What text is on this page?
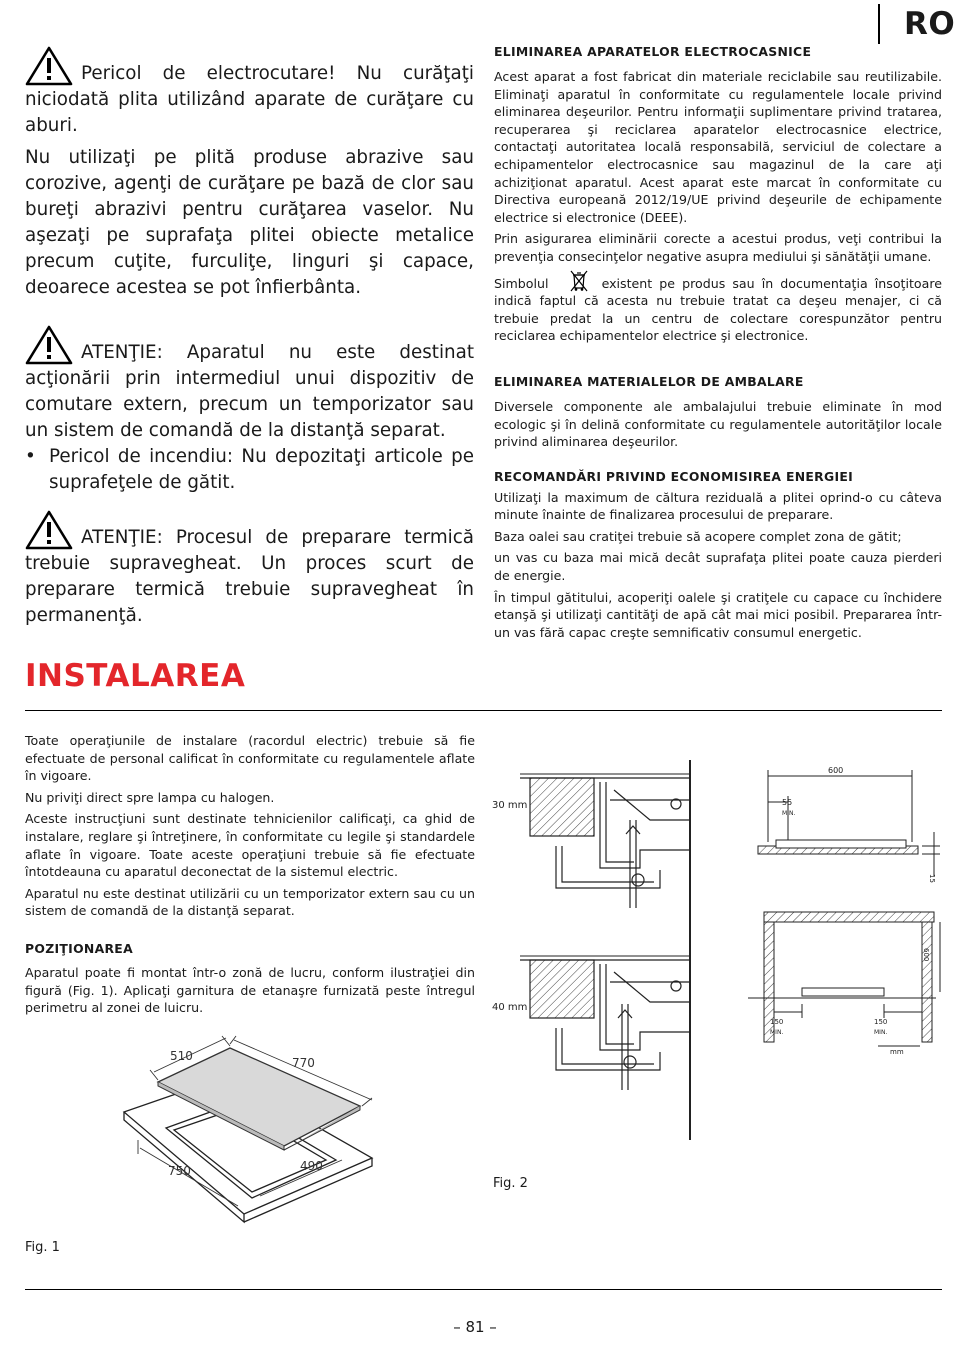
RO

Pericol de electrocutare! Nu curăţaţi niciodată plita utilizând aparate de curăţare cu aburi.

Nu utilizaţi pe plită produse abrazive sau corozive, agenţi de curăţare pe bază de clor sau bureţi abrazivi pentru curăţarea vaselor. Nu aşezaţi pe suprafaţa plitei obiecte metalice precum cuţite, furculiţe, linguri şi capace, deoarece acestea se pot înfierbânta.

ATENŢIE: Aparatul nu este destinat acţionării prin intermediul unui dispozitiv de comutare extern, precum un temporizator sau un sistem de comandă de la distanţă separat.

• Pericol de incendiu: Nu depozitaţi articole pe suprafeţele de gătit.

ATENŢIE: Procesul de preparare termică trebuie supravegheat. Un proces scurt de preparare termică trebuie supravegheat în permanenţă.

ELIMINAREA APARATELOR ELECTROCASNICE

Acest aparat a fost fabricat din materiale reciclabile sau reutilizabile. Eliminaţi aparatul în conformitate cu regulamentele locale privind eliminarea deşeurilor. Pentru informaţii suplimentare privind tratarea, recuperarea şi reciclarea aparatelor electrocasnice electrice, contactaţi autoritatea locală responsabilă, serviciul de colectare a echipamentelor electrocasnice sau magazinul de la care aţi achiziţionat aparatul. Acest aparat este marcat în conformitate cu Directiva europeană 2012/19/UE privind deşeurile de echipamente electrice si electronice (DEEE).

Prin asigurarea eliminării corecte a acestui produs, veţi contribui la prevenţia consecinţelor negative asupra mediului şi sănătăţii umane.

Simbolul	existent pe produs sau în documentaţia însoţitoare indică faptul că acesta nu trebuie tratat ca deşeu menajer, ci că trebuie predat la un centru de colectare corespunzător pentru reciclarea echipamentelor electrice şi electronice.

ELIMINAREA MATERIALELOR DE AMBALARE

Diversele componente ale ambalajului trebuie eliminate în mod ecologic şi în delină conformitate cu regulamentele autorităţilor locale privind aliminarea deşeurilor.

RECOMANDĂRI PRIVIND ECONOMISIREA ENERGIEI

Utilizaţi la maximum de căltura reziduală a plitei oprind-o cu câteva minute înainte de finalizarea procesului de preparare.

Baza oalei sau cratiţei trebuie să acopere complet zona de gătit;

un vas cu baza mai mică decât suprafaţa plitei poate cauza pierderi de energie.

În timpul gătitului, acoperiţi oalele şi cratiţele cu capace cu închidere etanşă şi utilizaţi cantităţi de apă cât mai mici posibil. Prepararea într-un vas fără capac creşte semnificativ consumul energetic.

INSTALAREA

Toate operaţiunile de instalare (racordul electric) trebuie să fie efectuate de personal calificat în conformitate cu regulamentele aflate în vigoare.

Nu priviţi direct spre lampa cu halogen.

Aceste instrucţiuni sunt destinate tehnicienilor calificaţi, ca ghid de instalare, reglare şi întreţinere, în conformitate cu legile şi standardele aflate în vigoare. Toate aceste operaţiuni trebuie să fie efectuate întotdeauna cu aparatul deconectat de la sistemul electric.

Aparatul nu este destinat utilizării cu un temporizator extern sau cu un sistem de comandă de la distanţă separat.

POZIŢIONAREA

Aparatul poate fi montat într-o zonă de lucru, conform ilustraţiei din figură (Fig. 1). Aplicaţi garnitura de etanaşre furnizată peste întregul perimetru al zonei de luicru.

510	770
750	490
Fig. 1
30 mm
40 mm
600
55
MIN.
15
600
150
MIN.
150
MIN.
mm
Fig. 2
– 81 –
